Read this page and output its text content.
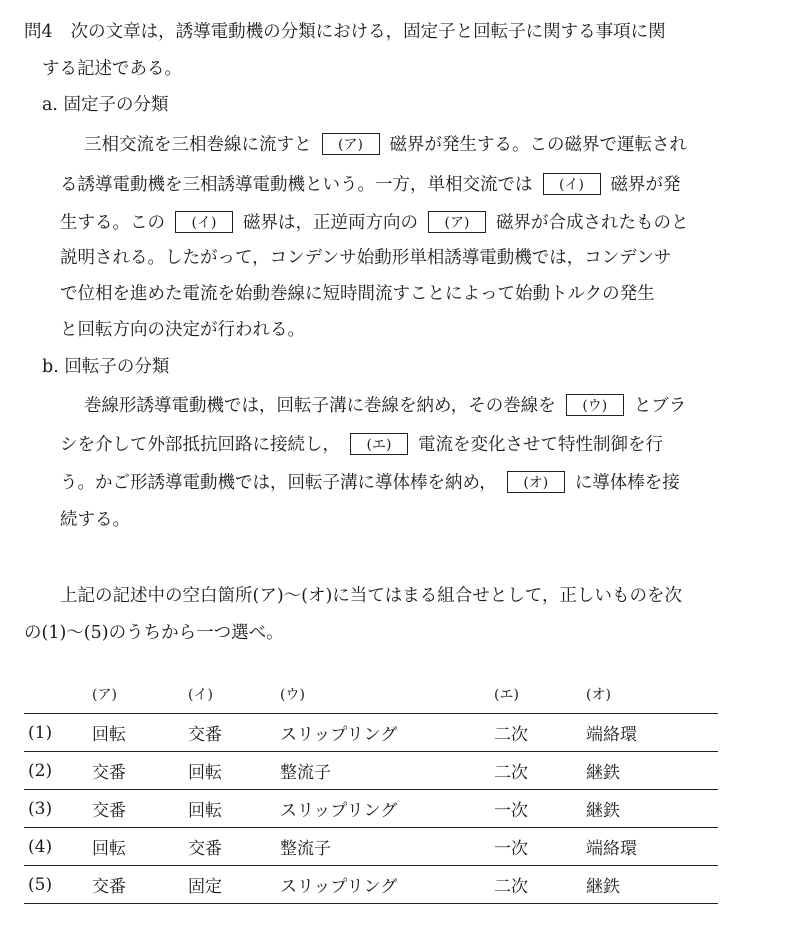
問4 次の文章は，誘導電動機の分類における，固定子と回転子に関する事項に関
する記述である。
a. 固定子の分類
三相交流を三相巻線に流すと (ア) 磁界が発生する。この磁界で運転され
る誘導電動機を三相誘導電動機という。一方，単相交流では (イ) 磁界が発
生する。この (イ) 磁界は，正逆両方向の (ア) 磁界が合成されたものと
説明される。したがって，コンデンサ始動形単相誘導電動機では，コンデンサ
で位相を進めた電流を始動巻線に短時間流すことによって始動トルクの発生
と回転方向の決定が行われる。
b. 回転子の分類
巻線形誘導電動機では，回転子溝に巻線を納め，その巻線を (ウ) とブラ
シを介して外部抵抗回路に接続し， (エ) 電流を変化させて特性制御を行
う。かご形誘導電動機では，回転子溝に導体棒を納め， (オ) に導体棒を接
続する。
上記の記述中の空白箇所(ア)～(オ)に当てはまる組合せとして，正しいものを次
の(1)～(5)のうちから一つ選べ。
	(ア)	(イ)	(ウ)	(エ)	(オ)
(1)	回転	交番	スリップリング	二次	端絡環
(2)	交番	回転	整流子	二次	継鉄
(3)	交番	回転	スリップリング	一次	継鉄
(4)	回転	交番	整流子	一次	端絡環
(5)	交番	固定	スリップリング	二次	継鉄
